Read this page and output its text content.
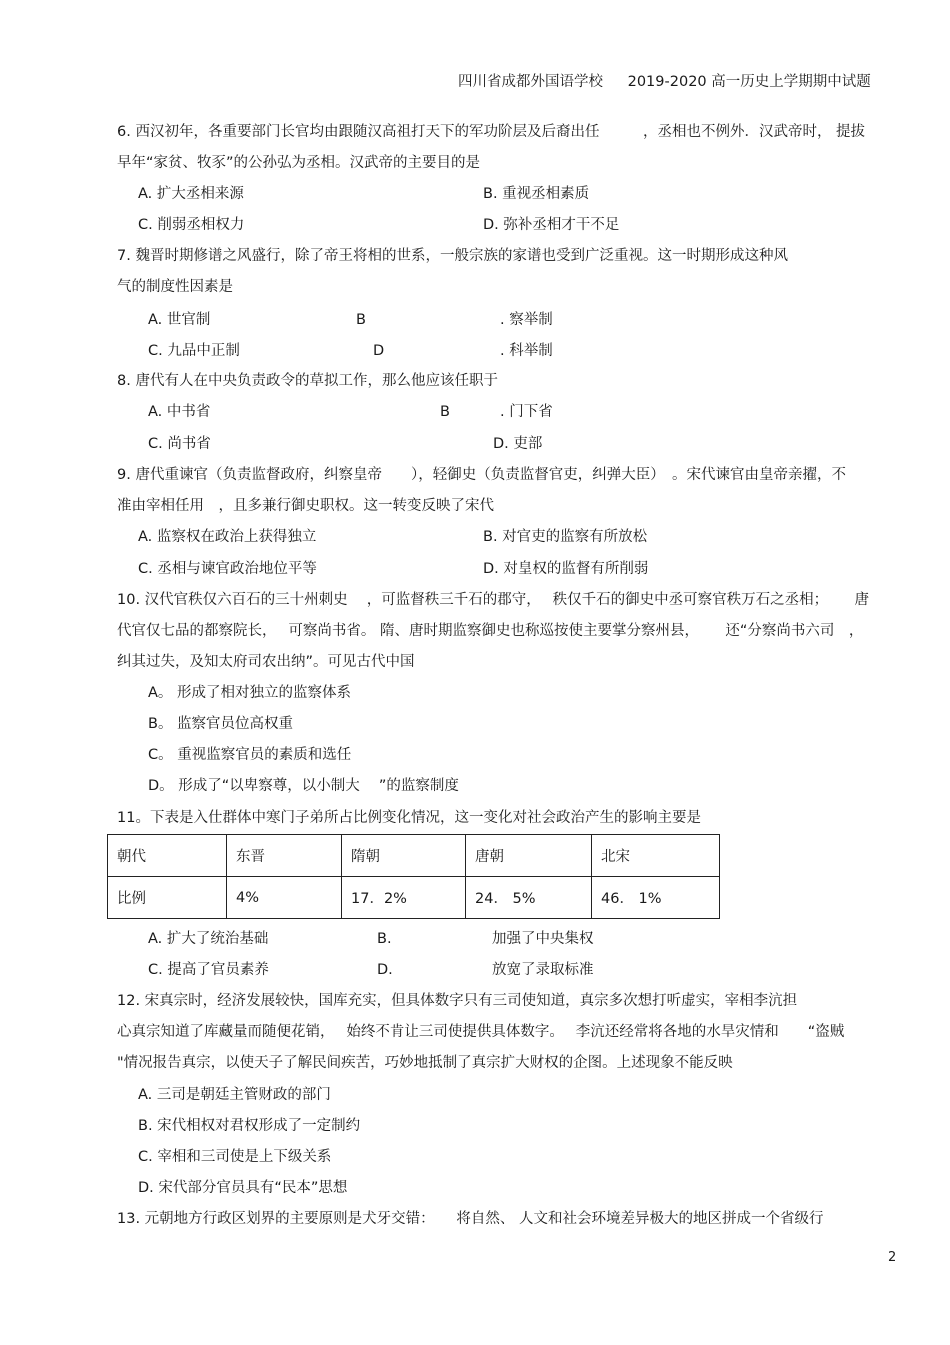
四川省成都外国语学校 2019-2020 高一历史上学期期中试题
6. 西汉初年，各重要部门长官均由跟随汉高祖打天下的军功阶层及后裔出任　　　，丞相也不例外．汉武帝时， 提拔
早年“家贫、牧豕”的公孙弘为丞相。汉武帝的主要目的是
A. 扩大丞相来源	B. 重视丞相素质
C. 削弱丞相权力	D. 弥补丞相才干不足
7. 魏晋时期修谱之风盛行，除了帝王将相的世系，一般宗族的家谱也受到广泛重视。这一时期形成这种风
气的制度性因素是
A. 世官制	B	. 察举制
C. 九品中正制	D	. 科举制
8. 唐代有人在中央负责政令的草拟工作，那么他应该任职于
A. 中书省	B	. 门下省
C. 尚书省	D. 吏部
9. 唐代重谏官（负责监督政府，纠察皇帝　　），轻御史（负责监督官吏，纠弹大臣）　。宋代谏官由皇帝亲擢，不
准由宰相任用　，且多兼行御史职权。这一转变反映了宋代
A. 监察权在政治上获得独立	B. 对官吏的监察有所放松
C. 丞相与谏官政治地位平等	D. 对皇权的监督有所削弱
10. 汉代官秩仅六百石的三十州刺史　 ，可监督秩三千石的郡守，　 秩仅千石的御史中丞可察官秩万石之丞相；　　 唐
代官仅七品的都察院长，　 可察尚书省。 隋、唐时期监察御史也称巡按使主要掌分察州县，　　 还“分察尚书六司　，
纠其过失，及知太府司农出纳”。可见古代中国
A。 形成了相对独立的监察体系
B。 监察官员位高权重
C。 重视监察官员的素质和选任
D。 形成了“以卑察尊，以小制大　 ”的监察制度
11。下表是入仕群体中寒门子弟所占比例变化情况，这一变化对社会政治产生的影响主要是
朝代	东晋	隋朝	唐朝	北宋
比例	4%	17．2%	24． 5%	46． 1%
A. 扩大了统治基础	B.	加强了中央集权
C. 提高了官员素养	D.	放宽了录取标准
12. 宋真宗时，经济发展较快，国库充实，但具体数字只有三司使知道，真宗多次想打听虚实，宰相李沆担
心真宗知道了库藏量而随便花销，　 始终不肯让三司使提供具体数字。　 李沆还经常将各地的水旱灾情和　　“盗贼
"情况报告真宗，以使天子了解民间疾苦，巧妙地抵制了真宗扩大财权的企图。上述现象不能反映
A. 三司是朝廷主管财政的部门
B. 宋代相权对君权形成了一定制约
C. 宰相和三司使是上下级关系
D. 宋代部分官员具有“民本”思想
13. 元朝地方行政区划界的主要原则是犬牙交错：　　将自然、 人文和社会环境差异极大的地区拼成一个省级行
2
